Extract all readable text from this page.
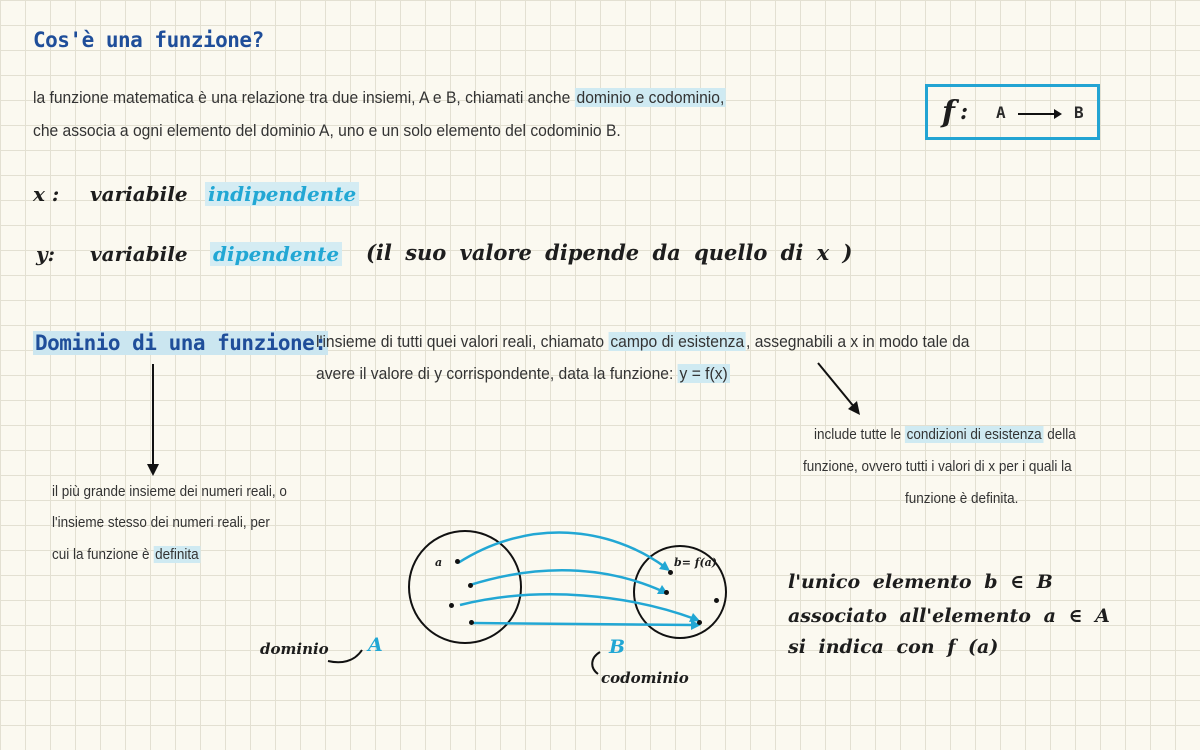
Cos'è una funzione?
la funzione matematica è una relazione tra due insiemi, A e B, chiamati anche dominio e codominio,
che associa a ogni elemento del dominio A, uno e un solo elemento del codominio B.
f : A	B
x : variabile indipendente
y: variabile dipendente (il suo valore dipende da quello di x )
Dominio di una funzione:
l'insieme di tutti quei valori reali, chiamato campo di esistenza , assegnabili a x in modo tale da
avere il valore di y corrispondente, data la funzione: y = f(x)
il più grande insieme dei numeri reali, o
l'insieme stesso dei numeri reali, per
cui la funzione è definita
include tutte le condizioni di esistenza della
funzione, ovvero tutti i valori di x per i quali la
funzione è definita.
a	b= f(a)
dominio A	B
codominio
l'unico elemento b ∈ B
associato all'elemento a ∈ A
si indica con f (a)
